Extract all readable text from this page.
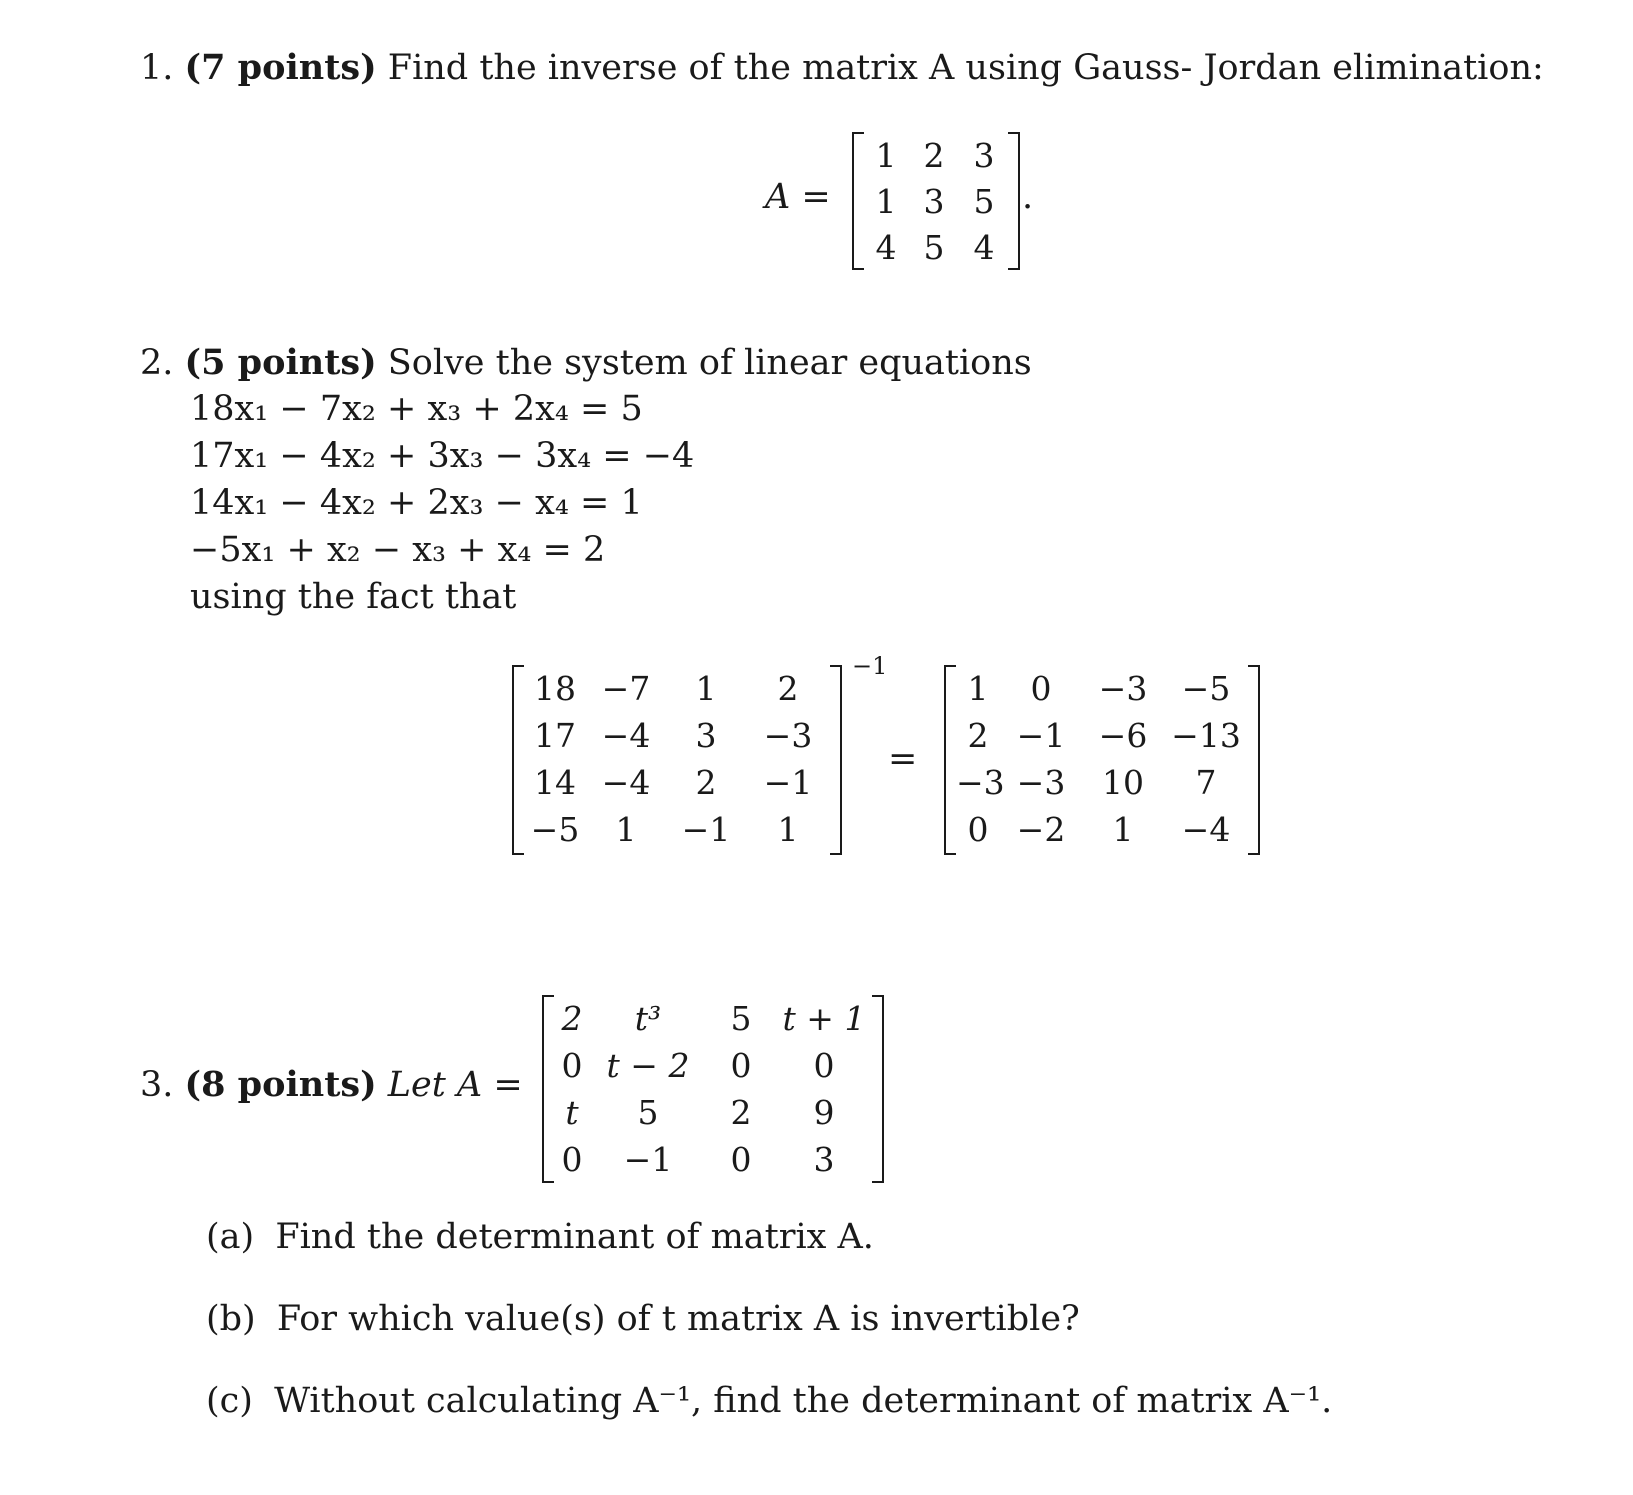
1. (7 points) Find the inverse of the matrix A using Gauss- Jordan elimination:
A =
1 2 3
1 3 5
4 5 4
.
2. (5 points) Solve the system of linear equations
18x₁ − 7x₂ + x₃ + 2x₄ = 5
17x₁ − 4x₂ + 3x₃ − 3x₄ = −4
14x₁ − 4x₂ + 2x₃ − x₄ = 1
−5x₁ + x₂ − x₃ + x₄ = 2
using the fact that
18 −7	1	2
17 −4	3	−3
14 −4	2	−1
−5	1	−1	1
−1
=
1	0	−3	−5
2 −1	−6 −13
−3 −3	10	7
0 −2	1	−4
3. (8 points) Let A =
2	t³	5 t + 1
0 t − 2	0	0
t	5	2	9
0	−1	0	3
(a) Find the determinant of matrix A.
(b) For which value(s) of t matrix A is invertible?
(c) Without calculating A⁻¹, find the determinant of matrix A⁻¹.
